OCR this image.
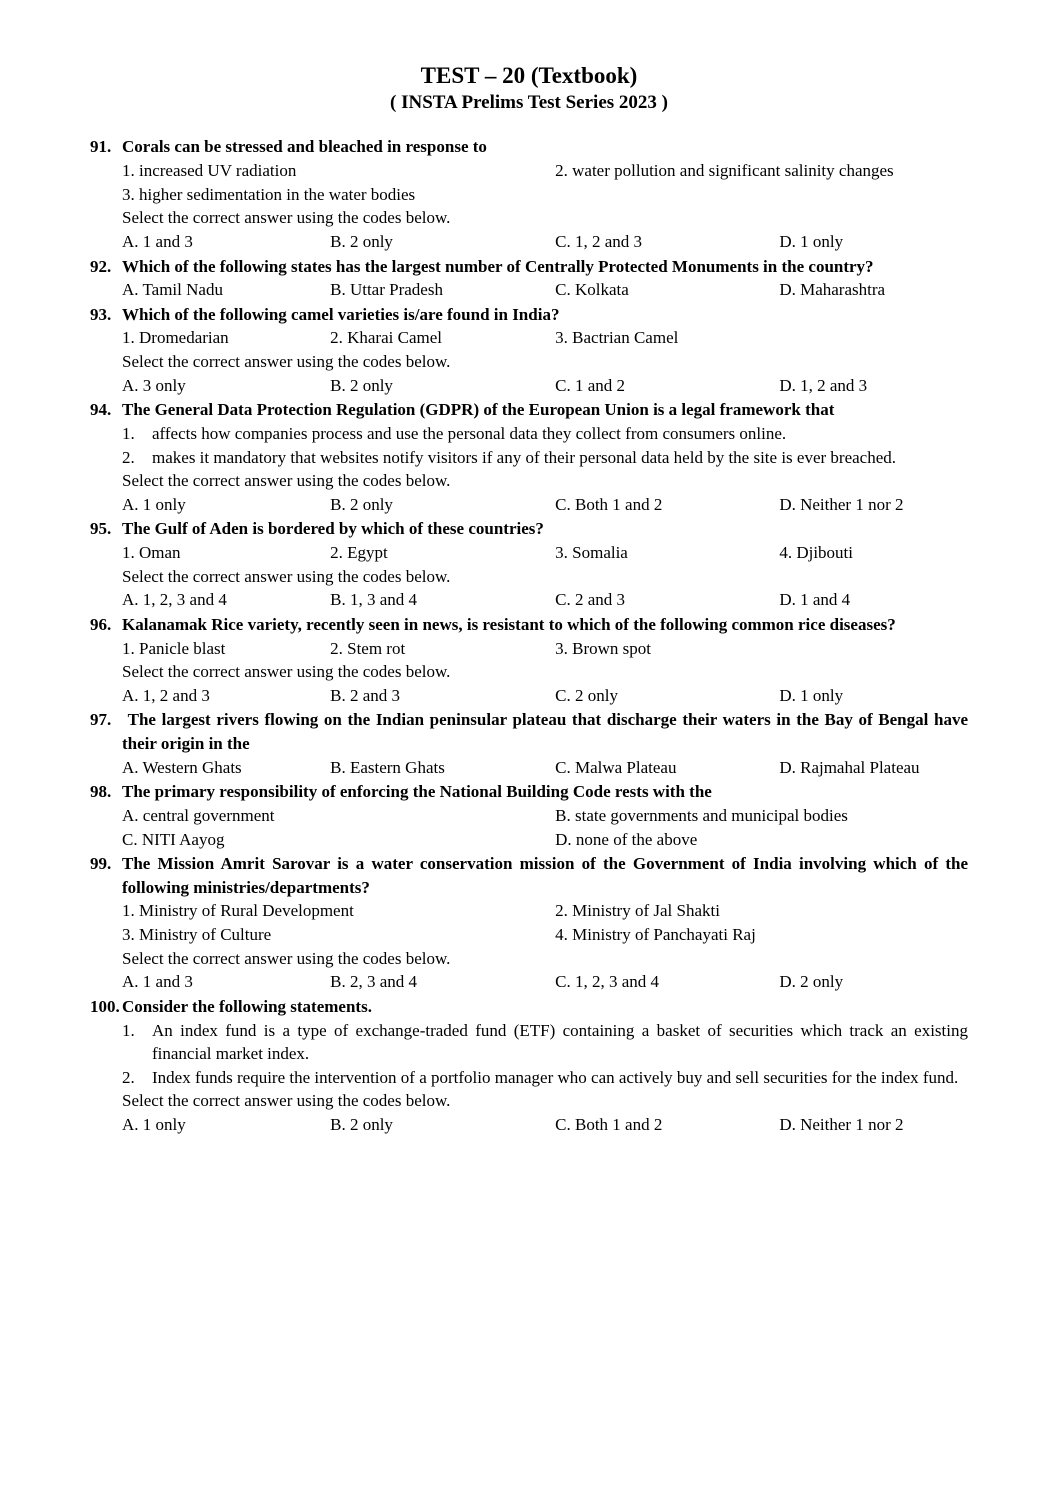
TEST – 20 (Textbook)
( INSTA Prelims Test Series 2023 )
91. Corals can be stressed and bleached in response to
1. increased UV radiation	2. water pollution and significant salinity changes
3. higher sedimentation in the water bodies
Select the correct answer using the codes below.
A. 1 and 3	B. 2 only	C. 1, 2 and 3	D. 1 only
92. Which of the following states has the largest number of Centrally Protected Monuments in the country?
A. Tamil Nadu	B. Uttar Pradesh	C. Kolkata	D. Maharashtra
93. Which of the following camel varieties is/are found in India?
1. Dromedarian	2. Kharai Camel	3. Bactrian Camel
Select the correct answer using the codes below.
A. 3 only	B. 2 only	C. 1 and 2	D. 1, 2 and 3
94. The General Data Protection Regulation (GDPR) of the European Union is a legal framework that
1.	affects how companies process and use the personal data they collect from consumers online.
2.	makes it mandatory that websites notify visitors if any of their personal data held by the site is ever breached.
Select the correct answer using the codes below.
A. 1 only	B. 2 only	C. Both 1 and 2	D. Neither 1 nor 2
95. The Gulf of Aden is bordered by which of these countries?
1. Oman	2. Egypt	3. Somalia	4. Djibouti
Select the correct answer using the codes below.
A. 1, 2, 3 and 4	B. 1, 3 and 4	C. 2 and 3	D. 1 and 4
96. Kalanamak Rice variety, recently seen in news, is resistant to which of the following common rice diseases?
1. Panicle blast	2. Stem rot	3. Brown spot
Select the correct answer using the codes below.
A. 1, 2 and 3	B. 2 and 3	C. 2 only	D. 1 only
97. The largest rivers flowing on the Indian peninsular plateau that discharge their waters in the Bay of Bengal have their origin in the
A. Western Ghats	B. Eastern Ghats	C. Malwa Plateau	D. Rajmahal Plateau
98. The primary responsibility of enforcing the National Building Code rests with the
A. central government	B. state governments and municipal bodies
C. NITI Aayog	D. none of the above
99. The Mission Amrit Sarovar is a water conservation mission of the Government of India involving which of the following ministries/departments?
1. Ministry of Rural Development	2. Ministry of Jal Shakti
3. Ministry of Culture	4. Ministry of Panchayati Raj
Select the correct answer using the codes below.
A. 1 and 3	B. 2, 3 and 4	C. 1, 2, 3 and 4	D. 2 only
100. Consider the following statements.
1.	An index fund is a type of exchange-traded fund (ETF) containing a basket of securities which track an existing financial market index.
2.	Index funds require the intervention of a portfolio manager who can actively buy and sell securities for the index fund.
Select the correct answer using the codes below.
A. 1 only	B. 2 only	C. Both 1 and 2	D. Neither 1 nor 2
